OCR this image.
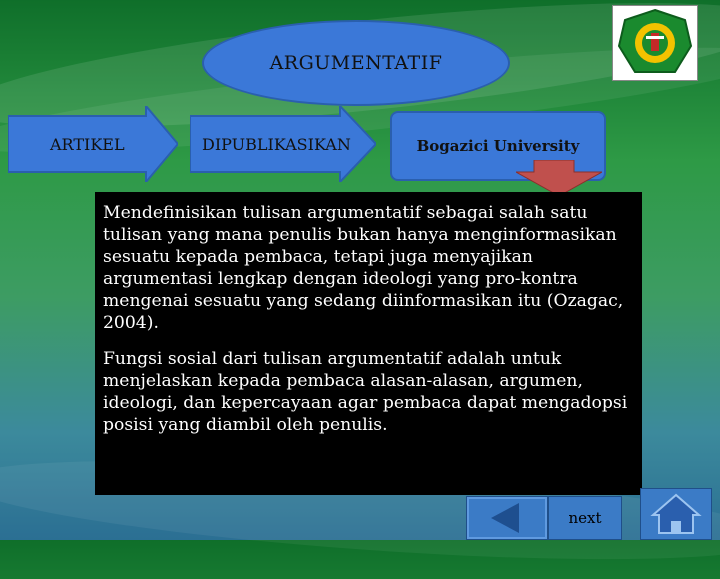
ARGUMENTATIF
ARTIKEL	DIPUBLIKASIKAN	Bogazici University

Mendefinisikan tulisan argumentatif sebagai salah satu tulisan yang mana penulis bukan hanya menginformasikan sesuatu kepada pembaca, tetapi juga menyajikan argumentasi lengkap dengan ideologi yang pro-kontra mengenai sesuatu yang sedang diinformasikan itu (Ozagac, 2004).

Fungsi sosial dari tulisan argumentatif adalah untuk menjelaskan kepada pembaca alasan-alasan, argumen, ideologi, dan kepercayaan agar pembaca dapat mengadopsi posisi yang diambil oleh penulis.

next
